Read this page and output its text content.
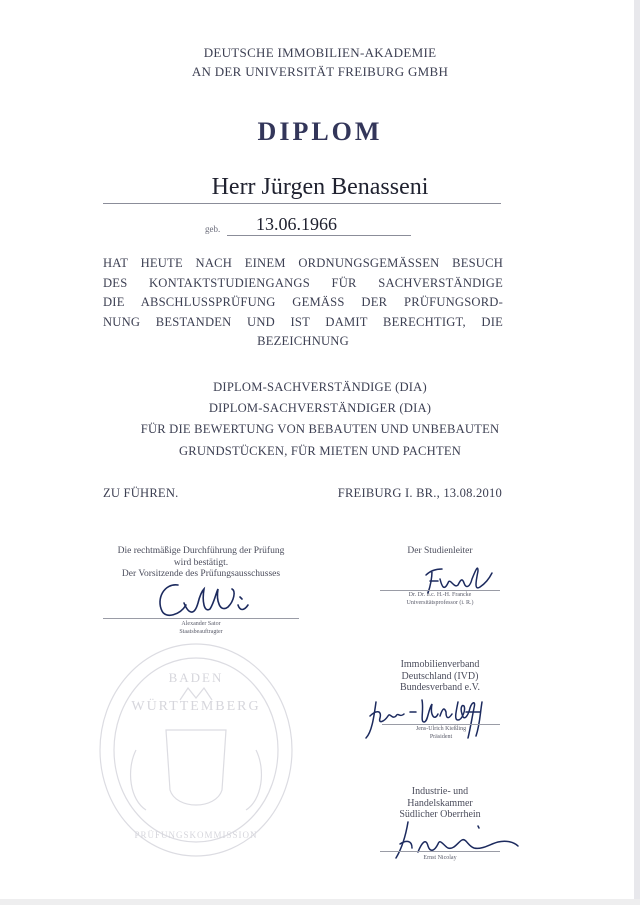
DEUTSCHE IMMOBILIEN-AKADEMIE
AN DER UNIVERSITÄT FREIBURG GMBH
DIPLOM
Herr Jürgen Benasseni
geb. 13.06.1966
HAT HEUTE NACH EINEM ORDNUNGSGEMÄSSEN BESUCH
DES KONTAKTSTUDIENGANGS FÜR SACHVERSTÄNDIGE
DIE ABSCHLUSSPRÜFUNG GEMÄSS DER PRÜFUNGSORD-
NUNG BESTANDEN UND IST DAMIT BERECHTIGT, DIE
BEZEICHNUNG
DIPLOM-SACHVERSTÄNDIGE (DIA)
DIPLOM-SACHVERSTÄNDIGER (DIA)
FÜR DIE BEWERTUNG VON BEBAUTEN UND UNBEBAUTEN
GRUNDSTÜCKEN, FÜR MIETEN UND PACHTEN
ZU FÜHREN.	FREIBURG I. BR., 13.08.2010
Die rechtmäßige Durchführung der Prüfung
wird bestätigt.
Der Vorsitzende des Prüfungsausschusses
Alexander Sator
Staatsbeauftragter
Der Studienleiter
Dr. Dr. h.c. H.-H. Francke
Universitätsprofessor (i. R.)
Immobilienverband
Deutschland (IVD)
Bundesverband e.V.
Jens-Ulrich Kießling
Präsident
Industrie- und
Handelskammer
Südlicher Oberrhein
Ernst Nicolay
BADEN
WÜRTTEMBERG
PRÜFUNGSKOMMISSION
